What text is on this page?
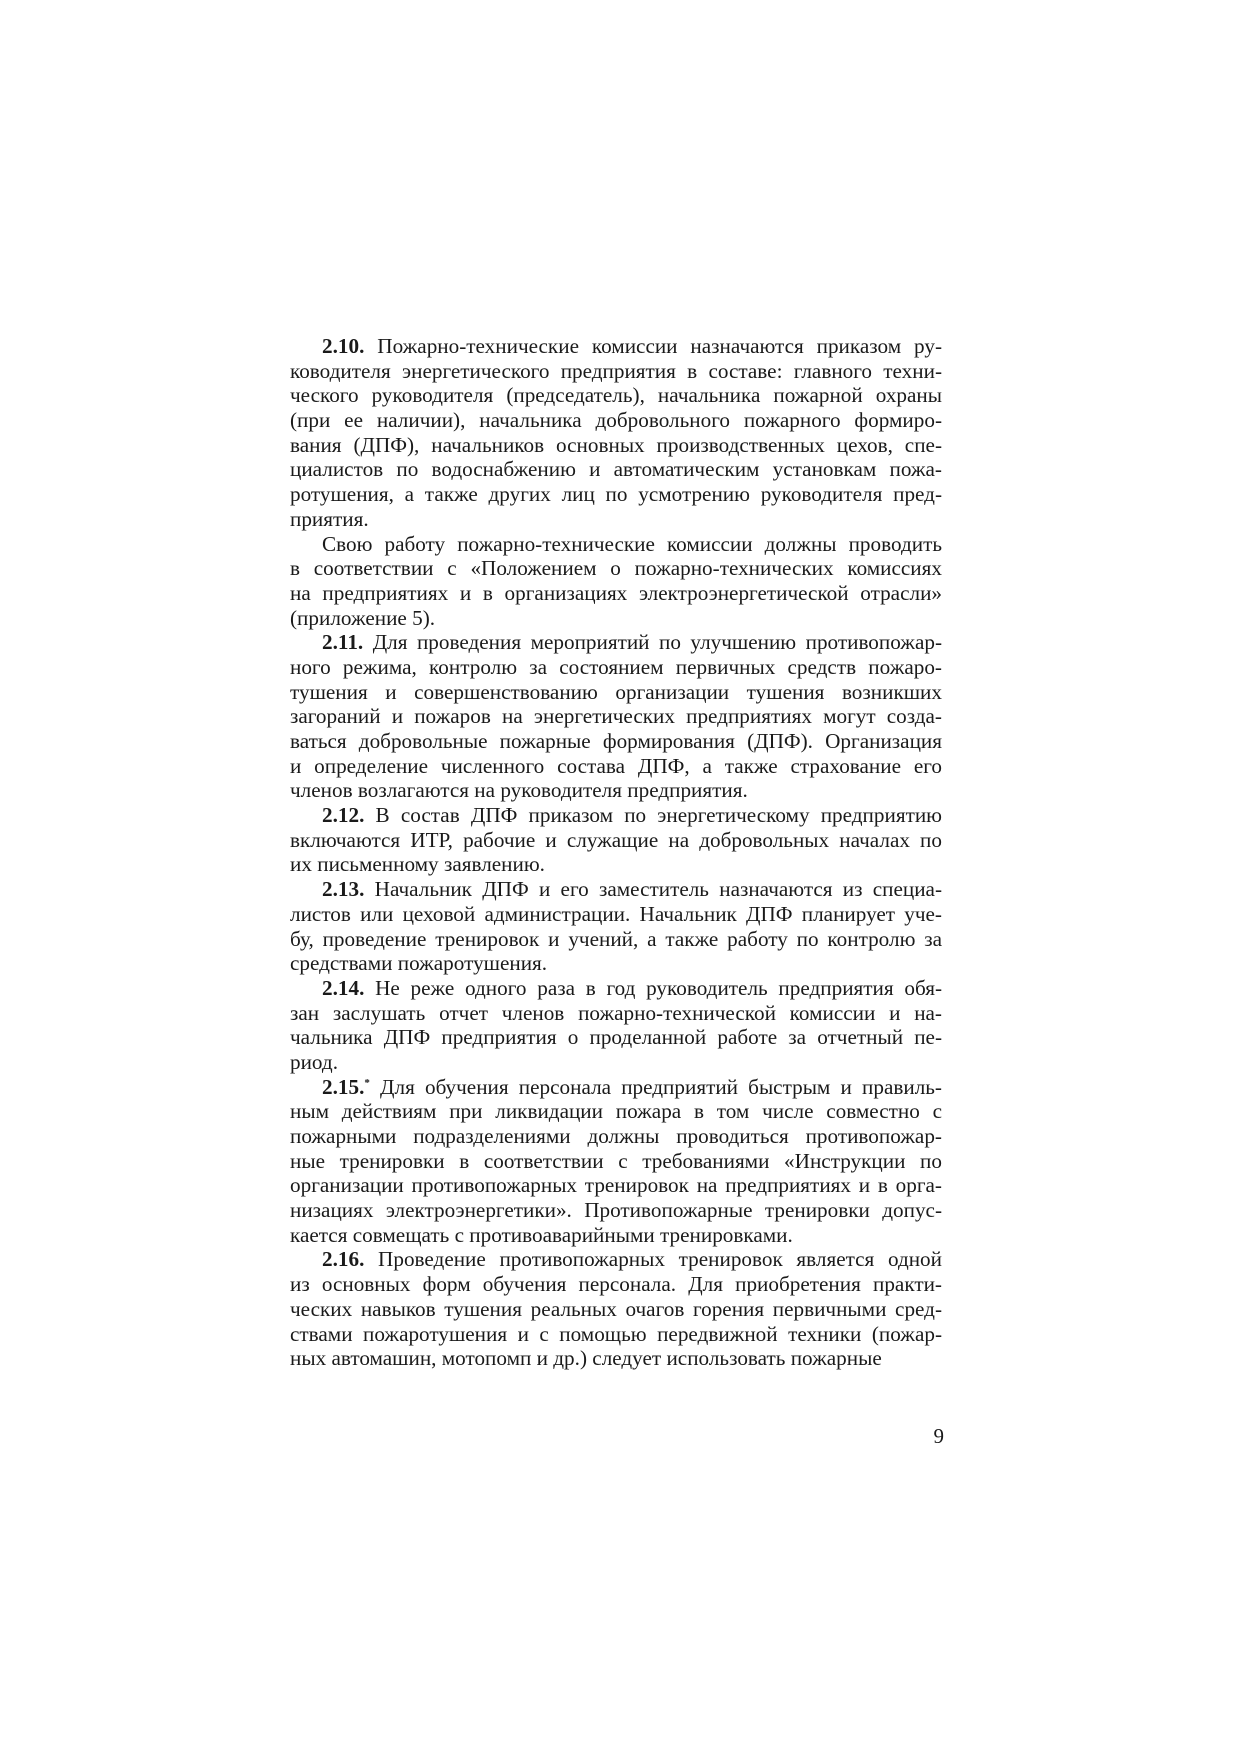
2.10. Пожарно-технические комиссии назначаются приказом ру-
ководителя энергетического предприятия в составе: главного техни-
ческого руководителя (председатель), начальника пожарной охраны
(при ее наличии), начальника добровольного пожарного формиро-
вания (ДПФ), начальников основных производственных цехов, спе-
циалистов по водоснабжению и автоматическим установкам пожа-
ротушения, а также других лиц по усмотрению руководителя пред-
приятия.
Свою работу пожарно-технические комиссии должны проводить
в соответствии с «Положением о пожарно-технических комиссиях
на предприятиях и в организациях электроэнергетической отрасли»
(приложение 5).
2.11. Для проведения мероприятий по улучшению противопожар-
ного режима, контролю за состоянием первичных средств пожаро-
тушения и совершенствованию организации тушения возникших
загораний и пожаров на энергетических предприятиях могут созда-
ваться добровольные пожарные формирования (ДПФ). Организация
и определение численного состава ДПФ, а также страхование его
членов возлагаются на руководителя предприятия.
2.12. В состав ДПФ приказом по энергетическому предприятию
включаются ИТР, рабочие и служащие на добровольных началах по
их письменному заявлению.
2.13. Начальник ДПФ и его заместитель назначаются из специа-
листов или цеховой администрации. Начальник ДПФ планирует уче-
бу, проведение тренировок и учений, а также работу по контролю за
средствами пожаротушения.
2.14. Не реже одного раза в год руководитель предприятия обя-
зан заслушать отчет членов пожарно-технической комиссии и на-
чальника ДПФ предприятия о проделанной работе за отчетный пе-
риод.
2.15.* Для обучения персонала предприятий быстрым и правиль-
ным действиям при ликвидации пожара в том числе совместно с
пожарными подразделениями должны проводиться противопожар-
ные тренировки в соответствии с требованиями «Инструкции по
организации противопожарных тренировок на предприятиях и в орга-
низациях электроэнергетики». Противопожарные тренировки допус-
кается совмещать с противоаварийными тренировками.
2.16. Проведение противопожарных тренировок является одной
из основных форм обучения персонала. Для приобретения практи-
ческих навыков тушения реальных очагов горения первичными сред-
ствами пожаротушения и с помощью передвижной техники (пожар-
ных автомашин, мотопомп и др.) следует использовать пожарные
9
